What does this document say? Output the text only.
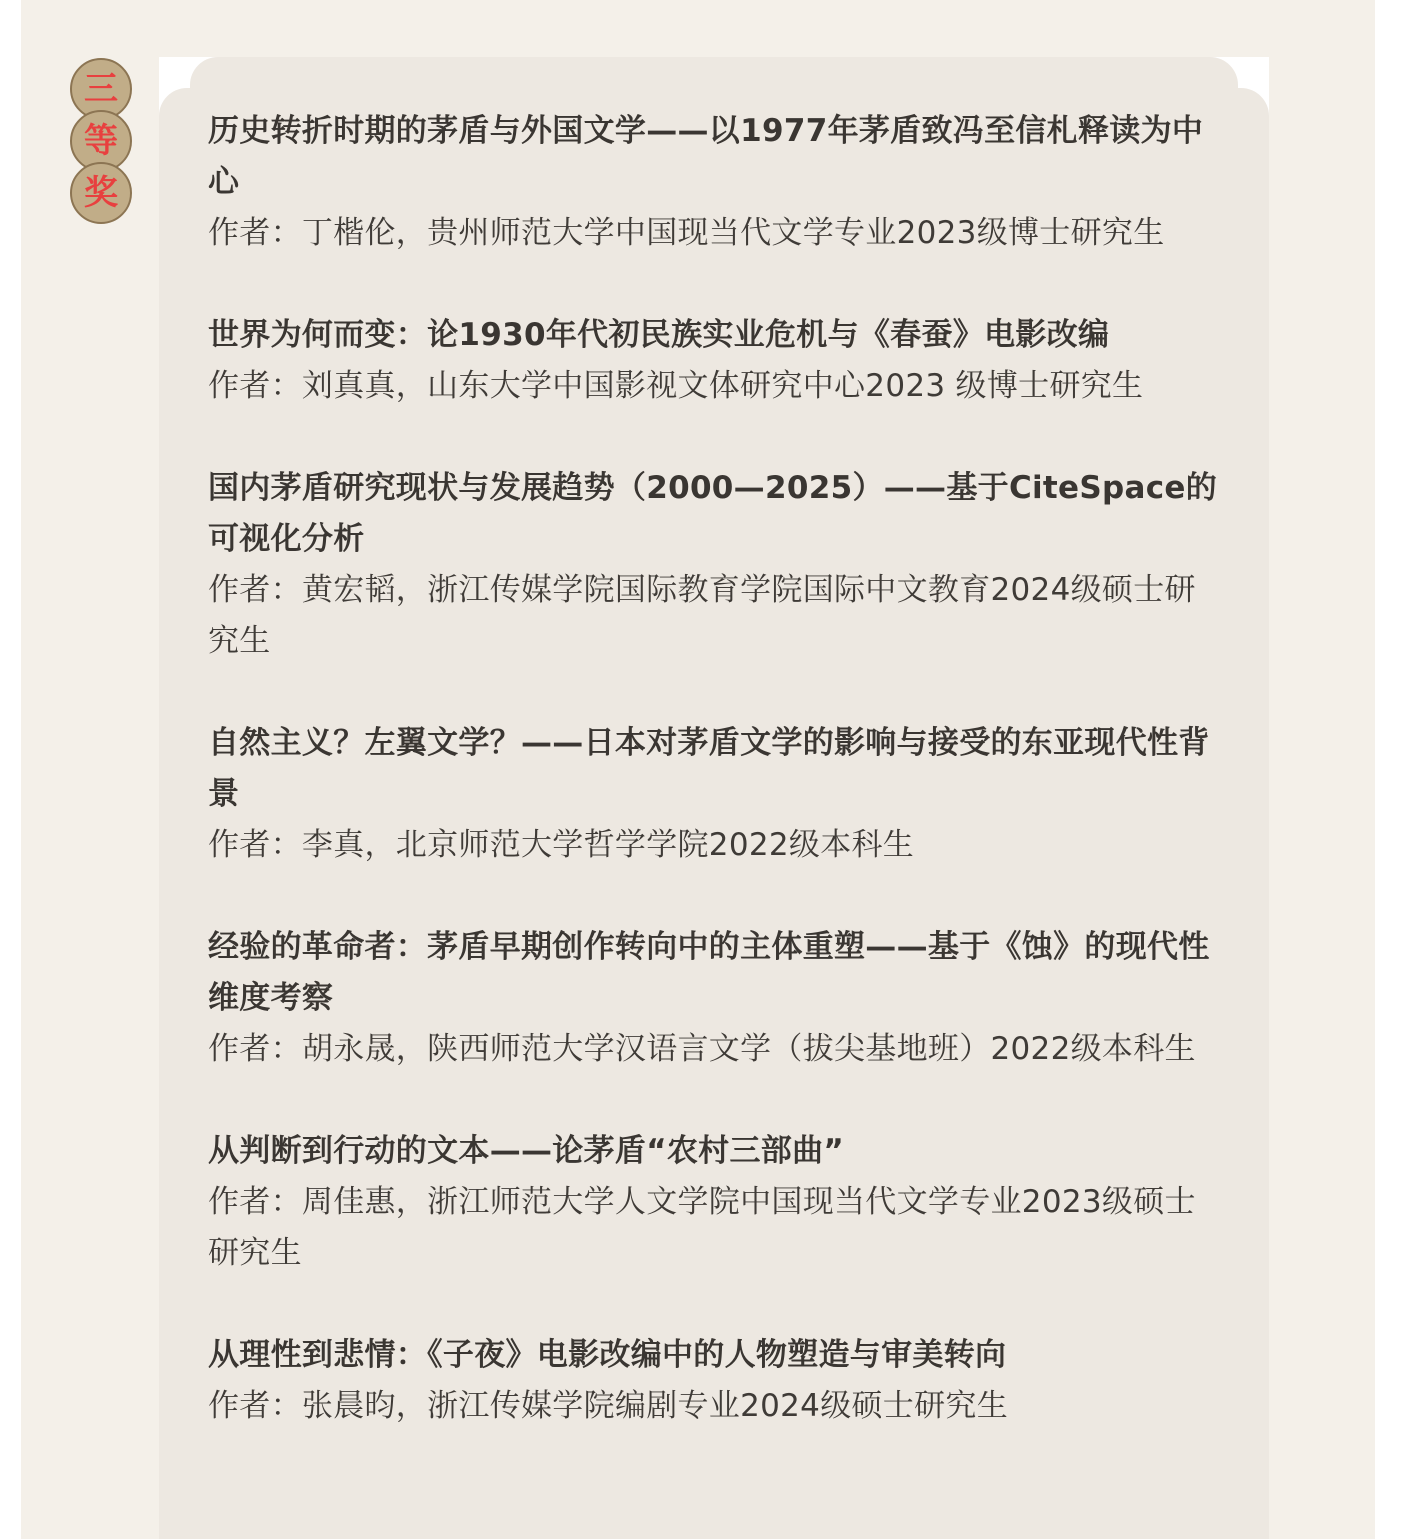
三
等
奖
历史转折时期的茅盾与外国文学——以1977年茅盾致冯至信札释读为中心
作者：丁楷伦，贵州师范大学中国现当代文学专业2023级博士研究生
世界为何而变：论1930年代初民族实业危机与《春蚕》电影改编
作者：刘真真，山东大学中国影视文体研究中心2023 级博士研究生
国内茅盾研究现状与发展趋势（2000—2025）——基于CiteSpace的可视化分析
作者：黄宏韬，浙江传媒学院国际教育学院国际中文教育2024级硕士研究生
自然主义？左翼文学？——日本对茅盾文学的影响与接受的东亚现代性背景
作者：李真，北京师范大学哲学学院2022级本科生
经验的革命者：茅盾早期创作转向中的主体重塑——基于《蚀》的现代性维度考察
作者：胡永晟，陕西师范大学汉语言文学（拔尖基地班）2022级本科生
从判断到行动的文本——论茅盾“农村三部曲”
作者：周佳惠，浙江师范大学人文学院中国现当代文学专业2023级硕士研究生
从理性到悲情：《子夜》电影改编中的人物塑造与审美转向
作者：张晨昀，浙江传媒学院编剧专业2024级硕士研究生
